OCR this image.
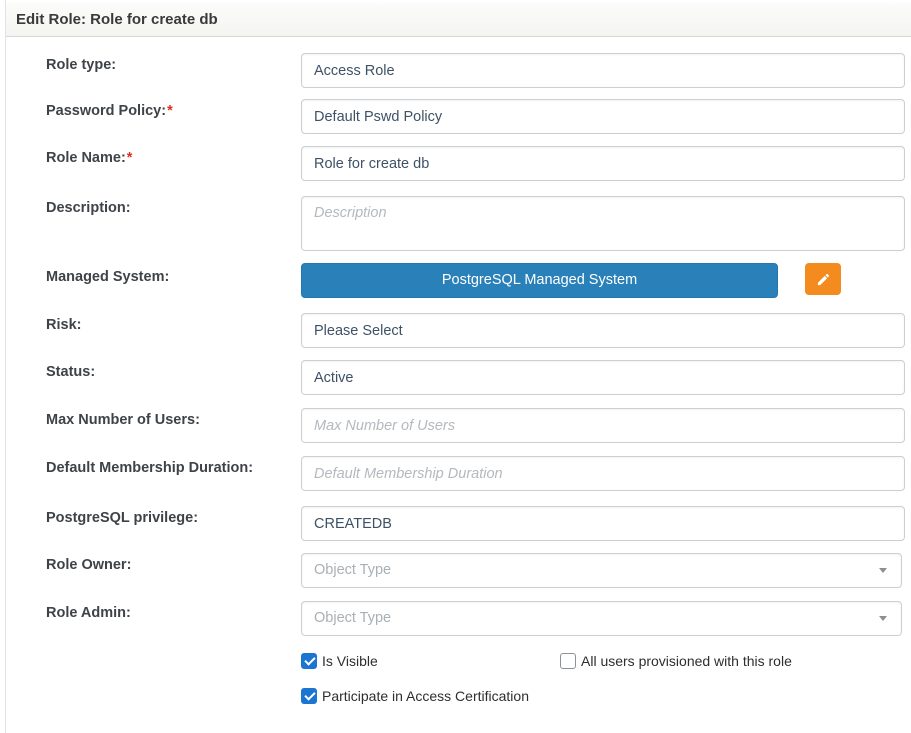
Edit Role: Role for create db
Role type:
Access Role
Password Policy:*
Default Pswd Policy
Role Name:*
Role for create db
Description:
Description
Managed System:	PostgreSQL Managed System
Risk:
Please Select
Status:
Active
Max Number of Users:
Max Number of Users
Default Membership Duration:
Default Membership Duration
PostgreSQL privilege:
CREATEDB
Role Owner:	Object Type
Role Admin:	Object Type
Is Visible	All users provisioned with this role
Participate in Access Certification
